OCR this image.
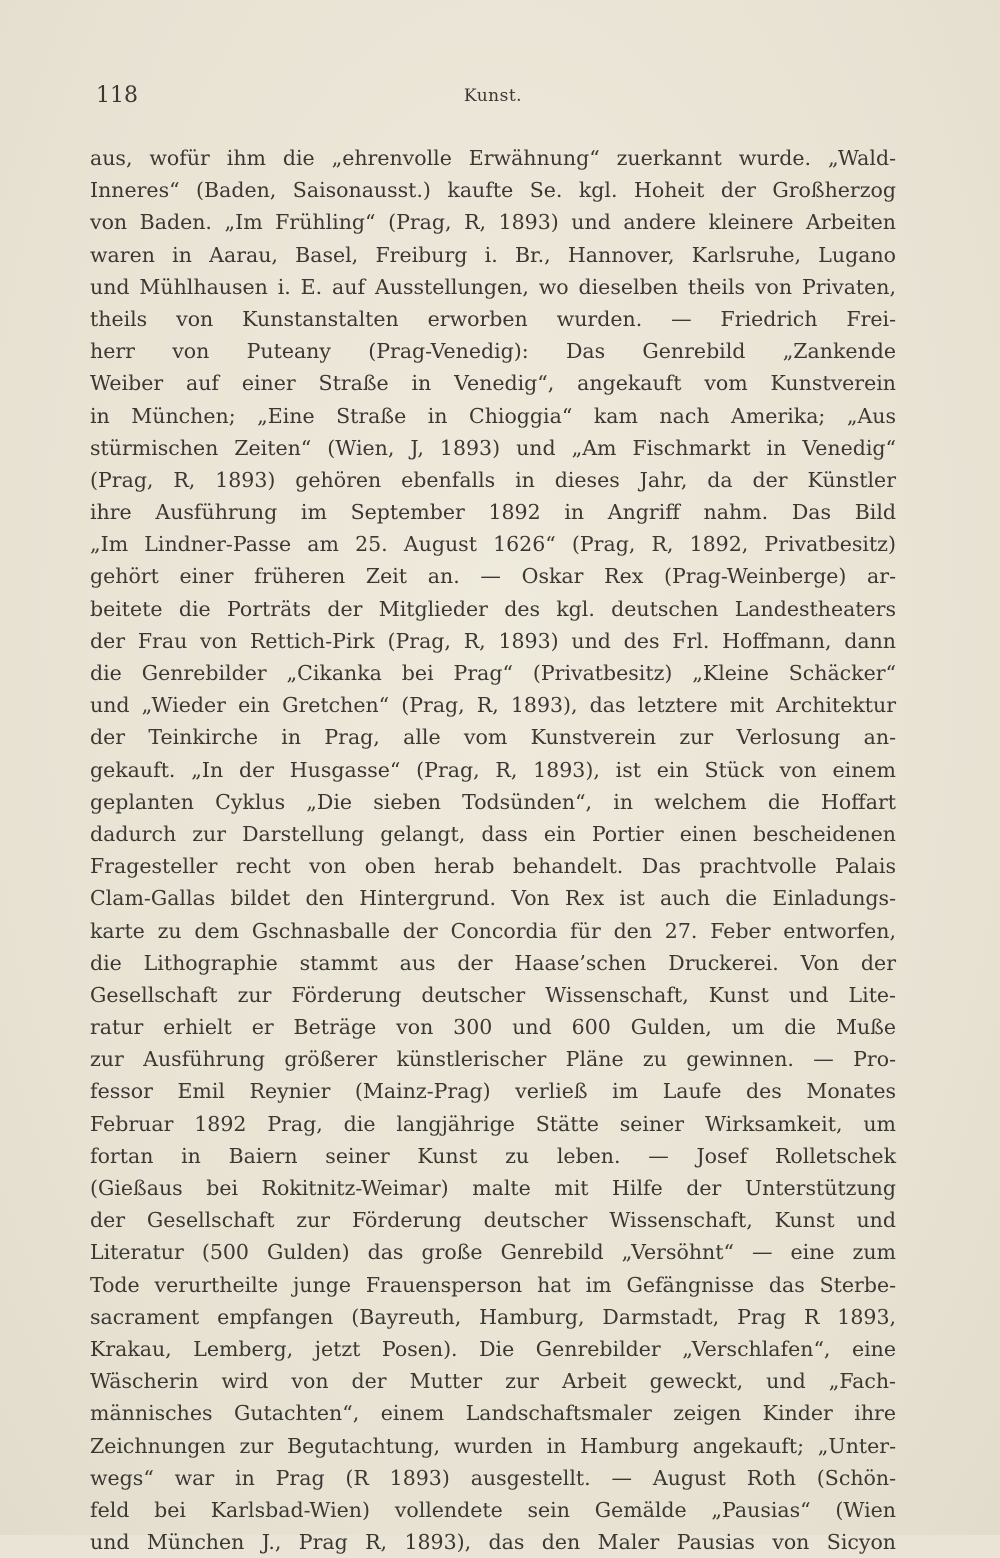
118	Kunst.
aus, wofür ihm die „ehrenvolle Erwähnung“ zuerkannt wurde. „Wald-
Inneres“ (Baden, Saisonausst.) kaufte Se. kgl. Hoheit der Großherzog
von Baden. „Im Frühling“ (Prag, R, 1893) und andere kleinere Arbeiten
waren in Aarau, Basel, Freiburg i. Br., Hannover, Karlsruhe, Lugano
und Mühlhausen i. E. auf Ausstellungen, wo dieselben theils von Privaten,
theils von Kunstanstalten erworben wurden. — Friedrich Frei-
herr von Puteany (Prag-Venedig): Das Genrebild „Zankende
Weiber auf einer Straße in Venedig“, angekauft vom Kunstverein
in München; „Eine Straße in Chioggia“ kam nach Amerika; „Aus
stürmischen Zeiten“ (Wien, J, 1893) und „Am Fischmarkt in Venedig“
(Prag, R, 1893) gehören ebenfalls in dieses Jahr, da der Künstler
ihre Ausführung im September 1892 in Angriff nahm. Das Bild
„Im Lindner-Passe am 25. August 1626“ (Prag, R, 1892, Privatbesitz)
gehört einer früheren Zeit an. — Oskar Rex (Prag-Weinberge) ar-
beitete die Porträts der Mitglieder des kgl. deutschen Landestheaters
der Frau von Rettich-Pirk (Prag, R, 1893) und des Frl. Hoffmann, dann
die Genrebilder „Cikanka bei Prag“ (Privatbesitz) „Kleine Schäcker“
und „Wieder ein Gretchen“ (Prag, R, 1893), das letztere mit Architektur
der Teinkirche in Prag, alle vom Kunstverein zur Verlosung an-
gekauft. „In der Husgasse“ (Prag, R, 1893), ist ein Stück von einem
geplanten Cyklus „Die sieben Todsünden“, in welchem die Hoffart
dadurch zur Darstellung gelangt, dass ein Portier einen bescheidenen
Fragesteller recht von oben herab behandelt. Das prachtvolle Palais
Clam-Gallas bildet den Hintergrund. Von Rex ist auch die Einladungs-
karte zu dem Gschnasballe der Concordia für den 27. Feber entworfen,
die Lithographie stammt aus der Haase’schen Druckerei. Von der
Gesellschaft zur Förderung deutscher Wissenschaft, Kunst und Lite-
ratur erhielt er Beträge von 300 und 600 Gulden, um die Muße
zur Ausführung größerer künstlerischer Pläne zu gewinnen. — Pro-
fessor Emil Reynier (Mainz-Prag) verließ im Laufe des Monates
Februar 1892 Prag, die langjährige Stätte seiner Wirksamkeit, um
fortan in Baiern seiner Kunst zu leben. — Josef Rolletschek
(Gießaus bei Rokitnitz-Weimar) malte mit Hilfe der Unterstützung
der Gesellschaft zur Förderung deutscher Wissenschaft, Kunst und
Literatur (500 Gulden) das große Genrebild „Versöhnt“ — eine zum
Tode verurtheilte junge Frauensperson hat im Gefängnisse das Sterbe-
sacrament empfangen (Bayreuth, Hamburg, Darmstadt, Prag R 1893,
Krakau, Lemberg, jetzt Posen). Die Genrebilder „Verschlafen“, eine
Wäscherin wird von der Mutter zur Arbeit geweckt, und „Fach-
männisches Gutachten“, einem Landschaftsmaler zeigen Kinder ihre
Zeichnungen zur Begutachtung, wurden in Hamburg angekauft; „Unter-
wegs“ war in Prag (R 1893) ausgestellt. — August Roth (Schön-
feld bei Karlsbad-Wien) vollendete sein Gemälde „Pausias“ (Wien
und München J., Prag R, 1893), das den Maler Pausias von Sicyon
